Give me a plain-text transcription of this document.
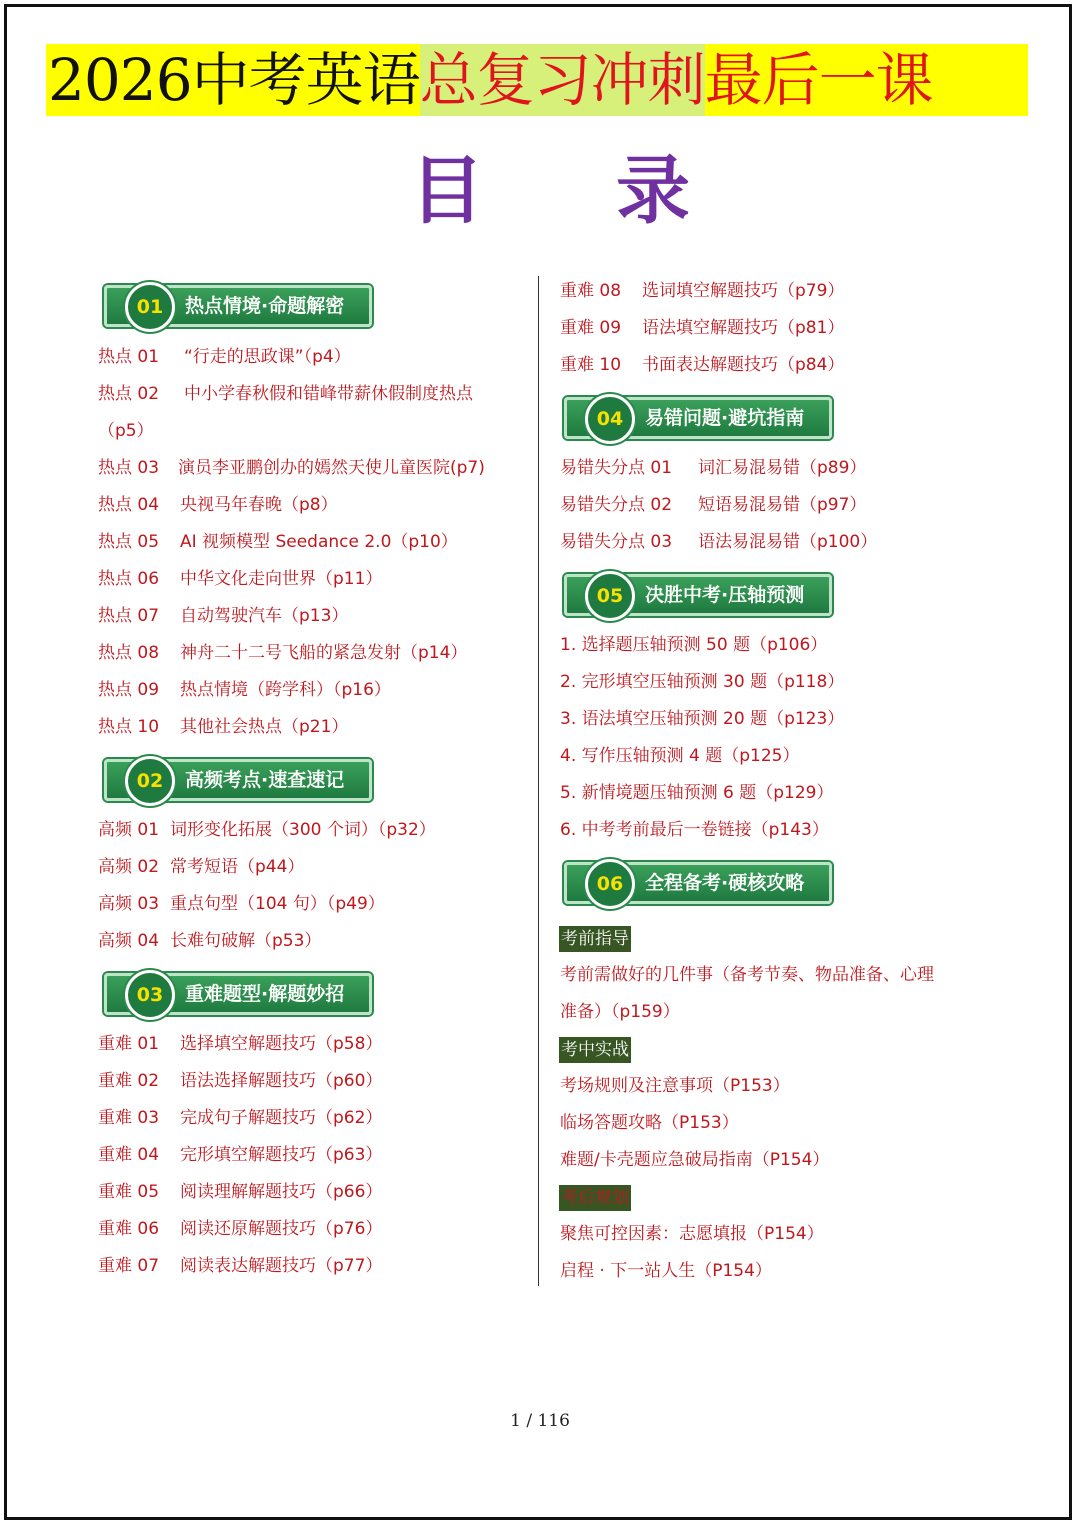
2026中考英语 总复习冲刺 最后一课
目 录
01	热点情境·命题解密
热点 01 “行走的思政课”（p4）
热点 02 中小学春秋假和错峰带薪休假制度热点
（p5）
热点 03 演员李亚鹏创办的嫣然天使儿童医院(p7)
热点 04 央视马年春晚（p8）
热点 05 AI 视频模型 Seedance 2.0（p10）
热点 06 中华文化走向世界（p11）
热点 07 自动驾驶汽车（p13）
热点 08 神舟二十二号飞船的紧急发射（p14）
热点 09 热点情境（跨学科）（p16）
热点 10 其他社会热点（p21）
02	高频考点·速查速记
高频 01 词形变化拓展（300 个词）（p32）
高频 02 常考短语（p44）
高频 03 重点句型（104 句）（p49）
高频 04 长难句破解（p53）
03	重难题型·解题妙招
重难 01 选择填空解题技巧（p58）
重难 02 语法选择解题技巧（p60）
重难 03 完成句子解题技巧（p62）
重难 04 完形填空解题技巧（p63）
重难 05 阅读理解解题技巧（p66）
重难 06 阅读还原解题技巧（p76）
重难 07 阅读表达解题技巧（p77）
重难 08 选词填空解题技巧（p79）
重难 09 语法填空解题技巧（p81）
重难 10 书面表达解题技巧（p84）
04	易错问题·避坑指南
易错失分点 01 词汇易混易错（p89）
易错失分点 02 短语易混易错（p97）
易错失分点 03 语法易混易错（p100）
05	决胜中考·压轴预测
1. 选择题压轴预测 50 题（p106）
2. 完形填空压轴预测 30 题（p118）
3. 语法填空压轴预测 20 题（p123）
4. 写作压轴预测 4 题（p125）
5. 新情境题压轴预测 6 题（p129）
6. 中考考前最后一卷链接（p143）
06	全程备考·硬核攻略
考前指导
考前需做好的几件事（备考节奏、物品准备、心理
准备）（p159）
考中实战
考场规则及注意事项（P153）
临场答题攻略（P153）
难题/卡壳题应急破局指南（P154）
考后规划
聚焦可控因素：志愿填报（P154）
启程 · 下一站人生（P154）
1 / 116
